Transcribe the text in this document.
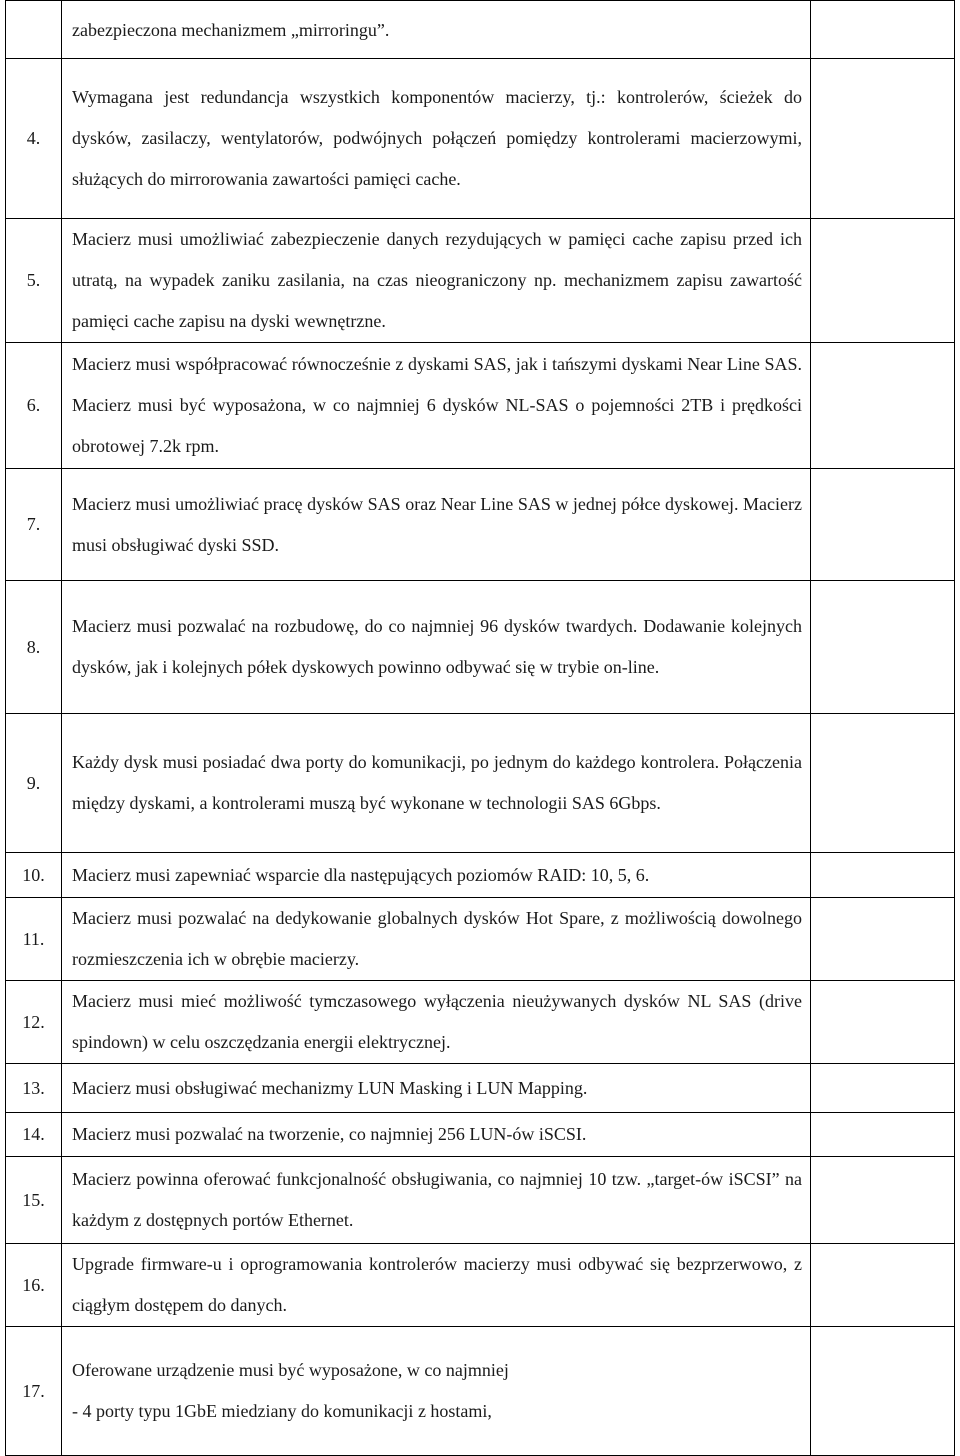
	zabezpieczona mechanizmem „mirroringu”.	

4.	Wymagana jest redundancja wszystkich komponentów macierzy, tj.: kontrolerów, ścieżek do dysków, zasilaczy, wentylatorów, podwójnych połączeń pomiędzy kontrolerami macierzowymi, służących do mirrorowania zawartości pamięci cache.	

5.	Macierz musi umożliwiać zabezpieczenie danych rezydujących w pamięci cache zapisu przed ich utratą, na wypadek zaniku zasilania, na czas nieograniczony np. mechanizmem zapisu zawartość pamięci cache zapisu na dyski wewnętrzne.	

6.	Macierz musi współpracować równocześnie z dyskami SAS, jak i tańszymi dyskami Near Line SAS. Macierz musi być wyposażona, w co najmniej 6 dysków NL-SAS o pojemności 2TB i prędkości obrotowej 7.2k rpm.	

7.	Macierz musi umożliwiać pracę dysków SAS oraz Near Line SAS w jednej półce dyskowej. Macierz musi obsługiwać dyski SSD.	

8.	Macierz musi pozwalać na rozbudowę, do co najmniej 96 dysków twardych. Dodawanie kolejnych dysków, jak i kolejnych półek dyskowych powinno odbywać się w trybie on-line.	

9.	Każdy dysk musi posiadać dwa porty do komunikacji, po jednym do każdego kontrolera. Połączenia między dyskami, a kontrolerami muszą być wykonane w technologii SAS 6Gbps.	

10.	Macierz musi zapewniać wsparcie dla następujących poziomów RAID: 10, 5, 6.	

11.	Macierz musi pozwalać na dedykowanie globalnych dysków Hot Spare, z możliwością dowolnego rozmieszczenia ich w obrębie macierzy.	

12.	Macierz musi mieć możliwość tymczasowego wyłączenia nieużywanych dysków NL SAS (drive spindown) w celu oszczędzania energii elektrycznej.	

13.	Macierz musi obsługiwać mechanizmy LUN Masking i LUN Mapping.	

14.	Macierz musi pozwalać na tworzenie, co najmniej 256 LUN-ów iSCSI.	

15.	Macierz powinna oferować funkcjonalność obsługiwania, co najmniej 10 tzw. „target-ów iSCSI” na każdym z dostępnych portów Ethernet.	

16.	Upgrade firmware-u i oprogramowania kontrolerów macierzy musi odbywać się bezprzerwowo, z ciągłym dostępem do danych.	

17.	Oferowane urządzenie musi być wyposażone, w co najmniej

- 4 porty typu 1GbE miedziany do komunikacji z hostami,	
